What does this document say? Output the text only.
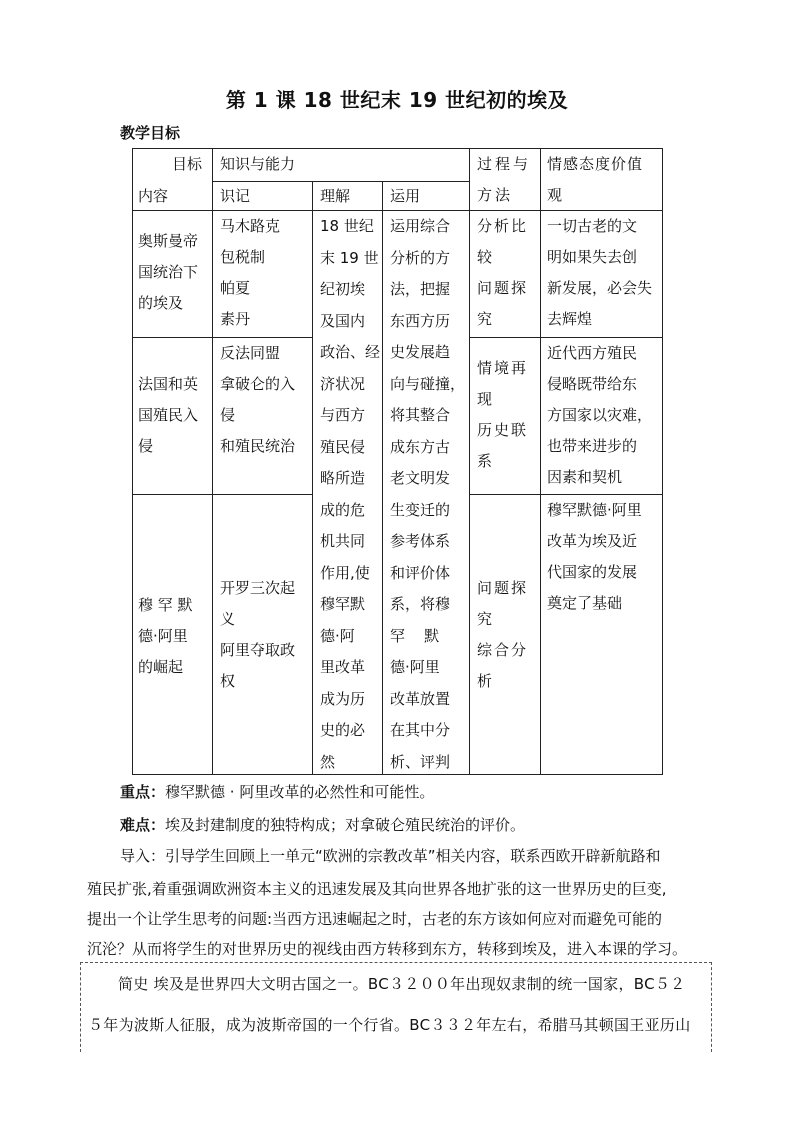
第 1 课 18 世纪末 19 世纪初的埃及
教学目标
目标
内容
知识与能力
识记	理解	运用
过程与
方法
情感态度价值
观
奥斯曼帝
国统治下
的埃及
马木路克
包税制
帕夏
素丹
分析比
较
问题探
究
一切古老的文
明如果失去创
新发展，必会失
去辉煌
法国和英
国殖民入
侵
反法同盟
拿破仑的入
侵
和殖民统治
情境再
现
历史联
系
近代西方殖民
侵略既带给东
方国家以灾难，
也带来进步的
因素和契机
穆 罕 默
德·阿里
的崛起
开罗三次起
义
阿里夺取政
权
问题探
究
综合分
析
穆罕默德·阿里
改革为埃及近
代国家的发展
奠定了基础
18 世纪
末 19 世
纪初埃
及国内
政治、经
济状况
与西方
殖民侵
略所造
成的危
机共同
作用,使
穆罕默
德·阿
里改革
成为历
史的必
然
运用综合
分析的方
法，把握
东西方历
史发展趋
向与碰撞，
将其整合
成东方古
老文明发
生变迁的
参考体系
和评价体
系，将穆
罕    默
德·阿里
改革放置
在其中分
析、评判
重点：穆罕默德 · 阿里改革的必然性和可能性。
难点：埃及封建制度的独特构成；对拿破仑殖民统治的评价。
导入：引导学生回顾上一单元“欧洲的宗教改革”相关内容，联系西欧开辟新航路和
殖民扩张,着重强调欧洲资本主义的迅速发展及其向世界各地扩张的这一世界历史的巨变,
提出一个让学生思考的问题:当西方迅速崛起之时，古老的东方该如何应对而避免可能的
沉沦？从而将学生的对世界历史的视线由西方转移到东方，转移到埃及，进入本课的学习。
简史 埃及是世界四大文明古国之一。BC３２００年出现奴隶制的统一国家，BC５２
５年为波斯人征服，成为波斯帝国的一个行省。BC３３２年左右，希腊马其顿国王亚历山
